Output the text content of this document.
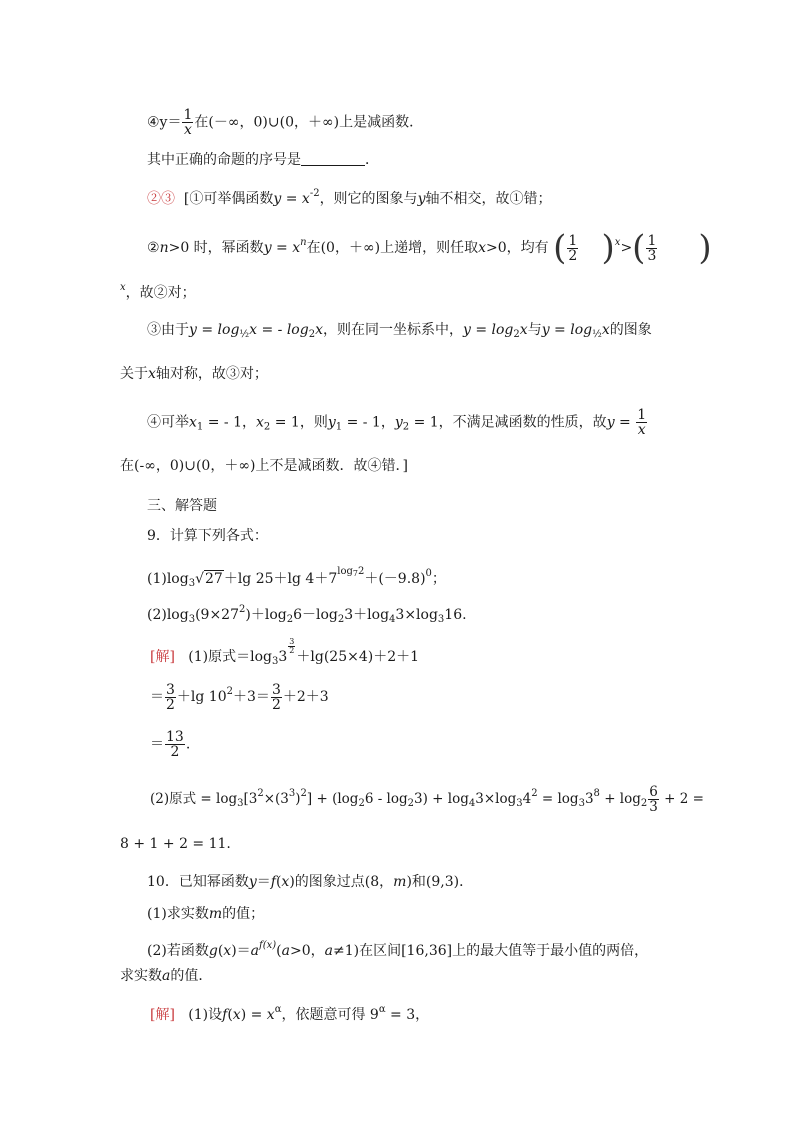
④y＝ $\frac{1}{x}$ 在(－∞，0)∪(0，＋∞)上是减函数．
其中正确的命题的序号是	．
②③ [①可举偶函数$y = x^{-2}$，则它的图象与y轴不相交，故①错；
②n>0 时，幂函数$y = x^n$在(0，＋∞)上递增，则任取x>0，均有 ( $\frac{1}{2} )^x>( \frac{1}{3}$ )
$^x$，故②对；
③由于$y = \log_{\frac{1}{2}}x$ = - $\log_2x$，则在同一坐标系中，$y = \log_2x$与$y = \log_{\frac{1}{2}}x$的图象
关于x轴对称，故③对；
④可举$x_1$ = - 1，$x_2 = 1$，则$y_1$ = - 1，$y_2 = 1$，不满足减函数的性质，故$y = \frac{1}{x}$
在(‐∞，0)∪(0，＋∞)上不是减函数．故④错．]
三、解答题
9．计算下列各式：
$(1)\log_3√27+\lg$ 25＋lg $4+7^{log_72}+(-9.8)^0$；
$(2)\log_3(9\times 27^2)+\log_26-\log_23+\log_43\times\log_316$.
[解] (1)原式$=\log_33$
$\frac{3}{2}$
＋lg(25×4)＋2＋1
＝ $\frac{3}{2} +\lg$ $10^2+3= \frac{3}{2} +2+3$
＝ $\frac{13}{2}$ .
(2)原式 = $\log_3[3^2\times(3^3)^2] + (\log_26 - \log_23) + \log_43\times\log_34^2 = \log_33^8 + \log_2 \frac{6}{3} + 2$ =
8 + 1 + 2 = 11.
10．已知幂函数y＝f(x)的图象过点(8，m)和(9,3)．
(1)求实数m的值；
(2)若函数$g(x)=a^{f(x)}(a>0$，a≠1)在区间[16,36]上的最大值等于最小值的两倍，
求实数a的值．
[解] (1)设$f(x) = x^\alpha$，依题意可得 $9^\alpha = 3$，
